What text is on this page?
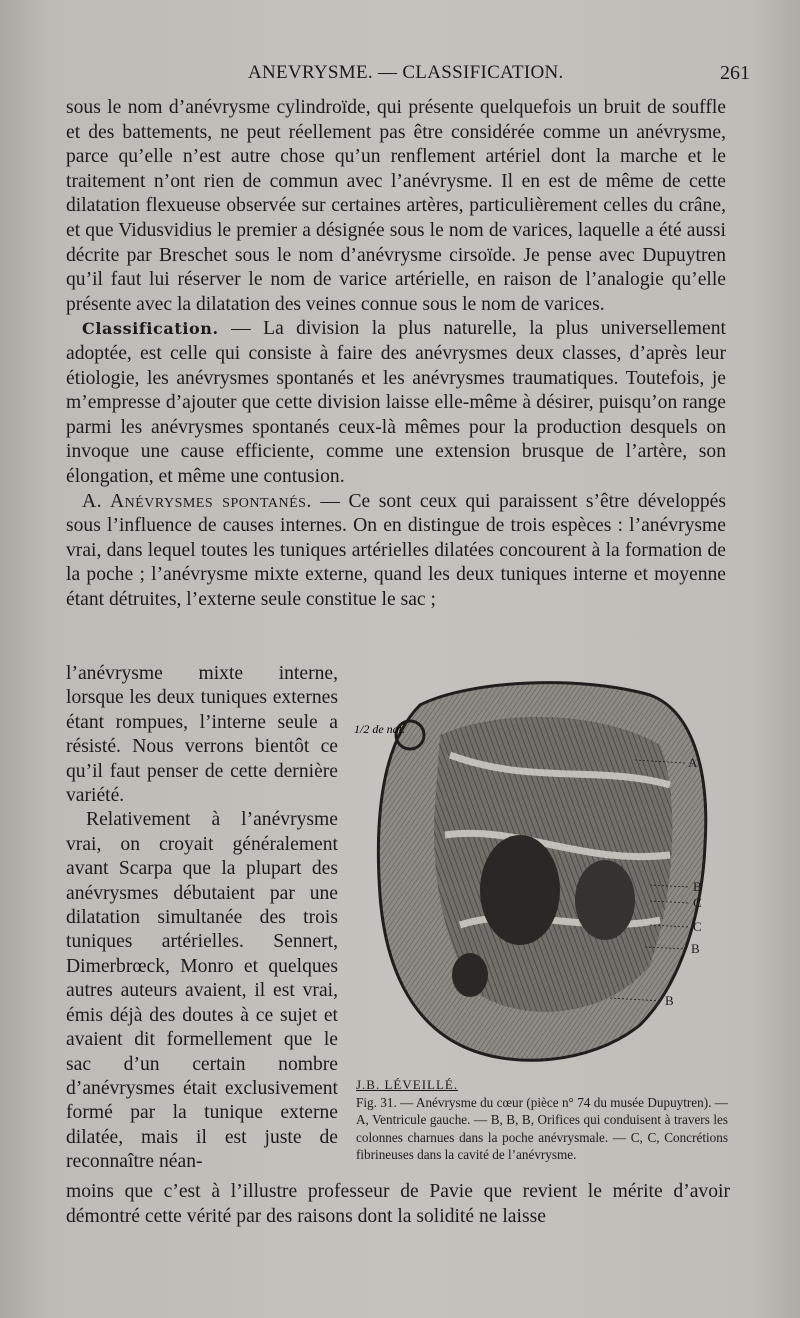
ANEVRYSME. — CLASSIFICATION.	261

sous le nom d’anévrysme cylindroïde, qui présente quelquefois un bruit de souffle et des battements, ne peut réellement pas être considérée comme un anévrysme, parce qu’elle n’est autre chose qu’un renflement artériel dont la marche et le traitement n’ont rien de commun avec l’anévrysme. Il en est de même de cette dilatation flexueuse observée sur certaines artères, particulièrement celles du crâne, et que Vidusvidius le premier a désignée sous le nom de varices, laquelle a été aussi décrite par Breschet sous le nom d’anévrysme cirsoïde. Je pense avec Dupuytren qu’il faut lui réserver le nom de varice artérielle, en raison de l’analogie qu’elle présente avec la dilatation des veines connue sous le nom de varices.

Classification. — La division la plus naturelle, la plus universellement adoptée, est celle qui consiste à faire des anévrysmes deux classes, d’après leur étiologie, les anévrysmes spontanés et les anévrysmes traumatiques. Toutefois, je m’empresse d’ajouter que cette division laisse elle-même à désirer, puisqu’on range parmi les anévrysmes spontanés ceux-là mêmes pour la production desquels on invoque une cause efficiente, comme une extension brusque de l’artère, son élongation, et même une contusion.

A. Anévrysmes spontanés. — Ce sont ceux qui paraissent s’être développés sous l’influence de causes internes. On en distingue de trois espèces : l’anévrysme vrai, dans lequel toutes les tuniques artérielles dilatées concourent à la formation de la poche ; l’anévrysme mixte externe, quand les deux tuniques interne et moyenne étant détruites, l’externe seule constitue le sac ;

l’anévrysme mixte interne, lorsque les deux tuniques externes étant rompues, l’interne seule a résisté. Nous verrons bientôt ce qu’il faut penser de cette dernière variété.

Relativement à l’anévrysme vrai, on croyait généralement avant Scarpa que la plupart des anévrysmes débutaient par une dilatation simultanée des trois tuniques artérielles. Sennert, Dimerbrœck, Monro et quelques autres auteurs avaient, il est vrai, émis déjà des doutes à ce sujet et avaient dit formellement que le sac d’un certain nombre d’anévrysmes était exclusivement formé par la tunique externe dilatée, mais il est juste de reconnaître néan-

1/2 de nat.
A
B
C
C
B
B
J.B. LÉVEILLÉ.
Fig. 31. — Anévrysme du cœur (pièce n° 74 du musée Dupuytren). — A, Ventricule gauche. — B, B, B, Orifices qui conduisent à travers les colonnes charnues dans la poche anévrysmale. — C, C, Concrétions fibrineuses dans la cavité de l’anévrysme.

moins que c’est à l’illustre professeur de Pavie que revient le mérite d’avoir démontré cette vérité par des raisons dont la solidité ne laisse
